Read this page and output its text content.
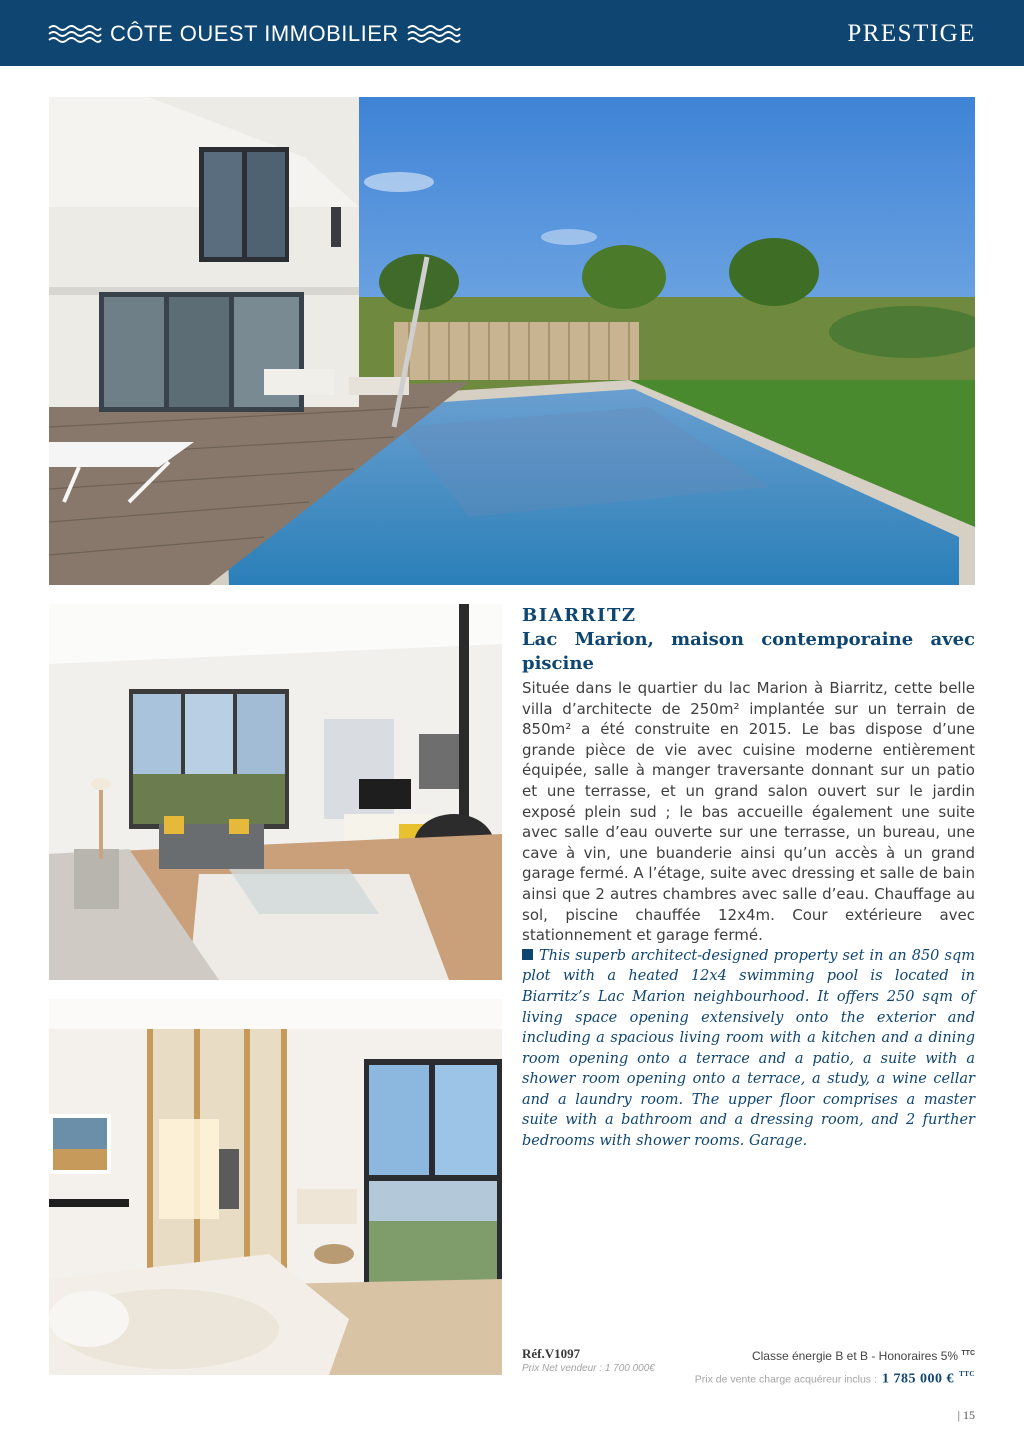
CÔTE OUEST IMMOBILIER	PRESTIGE
BIARRITZ
Lac Marion, maison contemporaine avec piscine

Située dans le quartier du lac Marion à Biarritz, cette belle villa d’architecte de 250m² implantée sur un terrain de 850m² a été construite en 2015. Le bas dispose d’une grande pièce de vie avec cuisine moderne entièrement équipée, salle à manger traversante donnant sur un patio et une terrasse, et un grand salon ouvert sur le jardin exposé plein sud ; le bas accueille également une suite avec salle d’eau ouverte sur une terrasse, un bureau, une cave à vin, une buanderie ainsi qu’un accès à un grand garage fermé. A l’étage, suite avec dressing et salle de bain ainsi que 2 autres chambres avec salle d’eau. Chauffage au sol, piscine chauffée 12x4m. Cour extérieure avec stationnement et garage fermé.

This superb architect-designed property set in an 850 sqm plot with a heated 12x4 swimming pool is located in Biarritz’s Lac Marion neighbourhood. It offers 250 sqm of living space opening extensively onto the exterior and including a spacious living room with a kitchen and a dining room opening onto a terrace and a patio, a suite with a shower room opening onto a terrace, a study, a wine cellar and a laundry room. The upper floor comprises a master suite with a bathroom and a dressing room, and 2 further bedrooms with shower rooms. Garage.

Réf.V1097
Prix Net vendeur : 1 700 000€
Classe énergie B et B - Honoraires 5% $^{TTC}$
Prix de vente charge acquéreur inclus : 1 785 000 € $^{TTC}$
| 15
